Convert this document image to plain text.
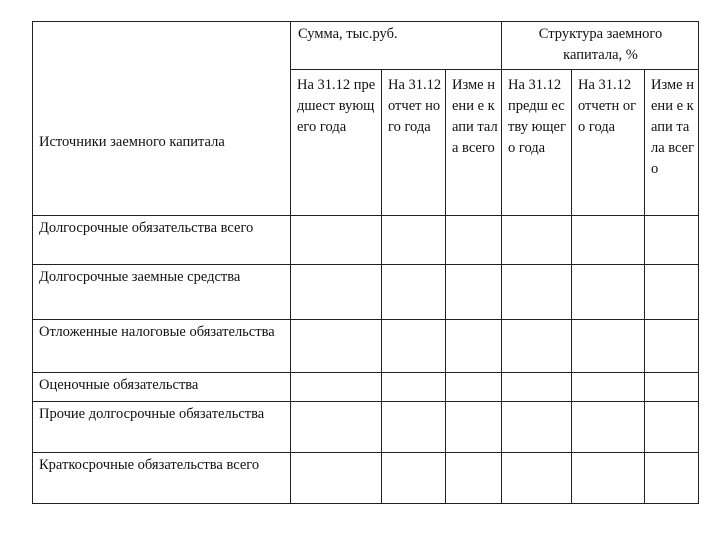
Источники заемного капитала	Сумма, тыс.руб.			Структура заемного капитала, %		
	На 31.12 предшест вующего года	На 31.12 отчет ного года	Изме нени е капи тала всего	На 31.12 предш еству ющего года	На 31.12 отчетн ого года	Изме нени е капи тала всего
Долгосрочные обязательства всего						
Долгосрочные заемные средства						
Отложенные налоговые обязательства						
Оценочные обязательства						
Прочие долгосрочные обязательства						
Краткосрочные обязательства всего						
